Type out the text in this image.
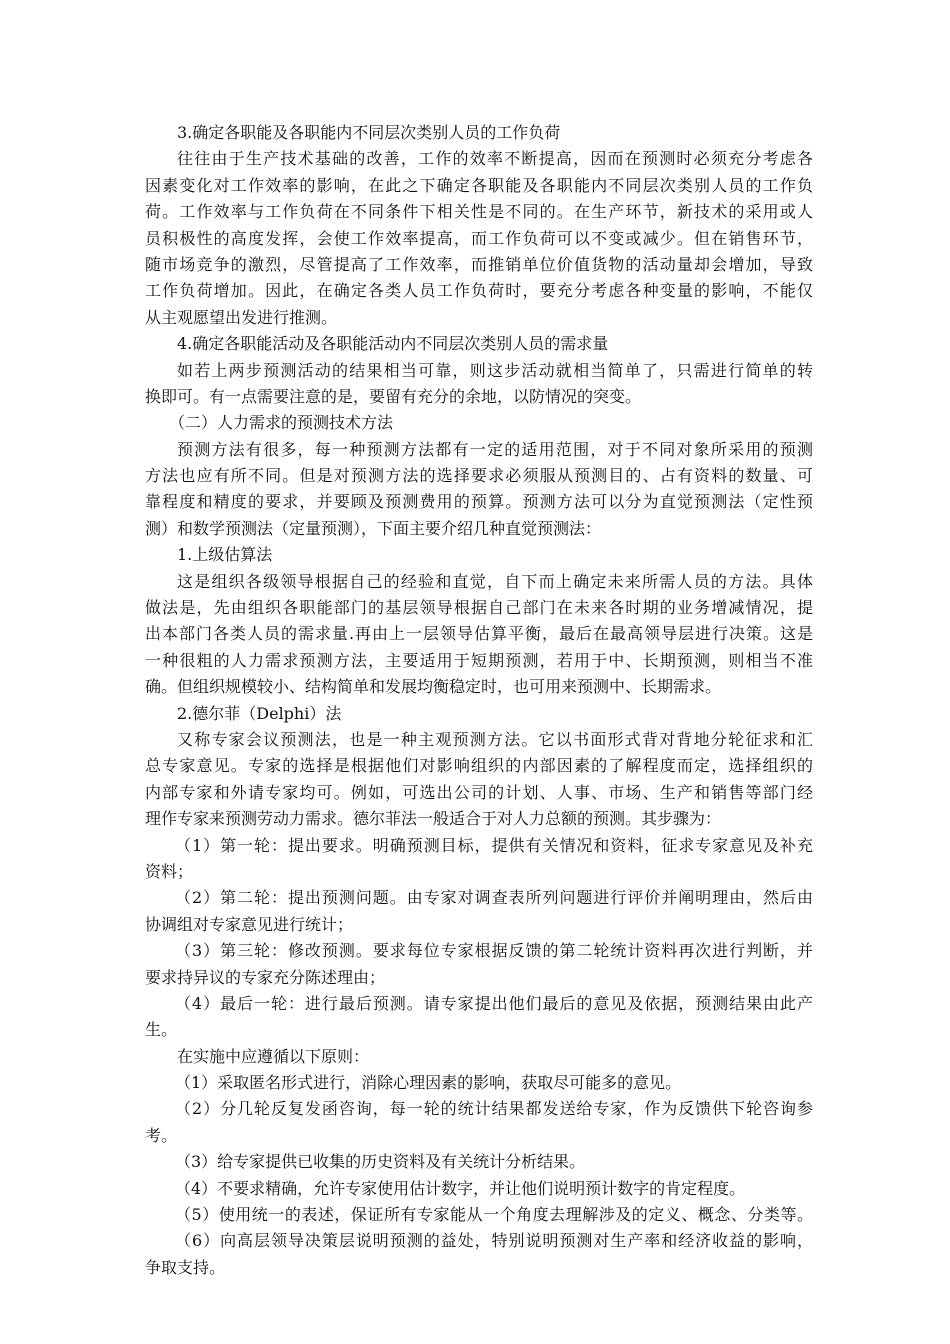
3.确定各职能及各职能内不同层次类别人员的工作负荷

往往由于生产技术基础的改善，工作的效率不断提高，因而在预测时必须充分考虑各

因素变化对工作效率的影响，在此之下确定各职能及各职能内不同层次类别人员的工作负

荷。工作效率与工作负荷在不同条件下相关性是不同的。在生产环节，新技术的采用或人

员积极性的高度发挥，会使工作效率提高，而工作负荷可以不变或减少。但在销售环节，

随市场竞争的激烈，尽管提高了工作效率，而推销单位价值货物的活动量却会增加，导致

工作负荷增加。因此，在确定各类人员工作负荷时，要充分考虑各种变量的影响，不能仅

从主观愿望出发进行推测。

4.确定各职能活动及各职能活动内不同层次类别人员的需求量

如若上两步预测活动的结果相当可靠，则这步活动就相当简单了，只需进行简单的转

换即可。有一点需要注意的是，要留有充分的余地，以防情况的突变。

（二）人力需求的预测技术方法

预测方法有很多，每一种预测方法都有一定的适用范围，对于不同对象所采用的预测

方法也应有所不同。但是对预测方法的选择要求必须服从预测目的、占有资料的数量、可

靠程度和精度的要求，并要顾及预测费用的预算。预测方法可以分为直觉预测法（定性预

测）和数学预测法（定量预测），下面主要介绍几种直觉预测法：

1.上级估算法

这是组织各级领导根据自己的经验和直觉，自下而上确定未来所需人员的方法。具体

做法是，先由组织各职能部门的基层领导根据自己部门在未来各时期的业务增减情况，提

出本部门各类人员的需求量.再由上一层领导估算平衡，最后在最高领导层进行决策。这是

一种很粗的人力需求预测方法，主要适用于短期预测，若用于中、长期预测，则相当不准

确。但组织规模较小、结构简单和发展均衡稳定时，也可用来预测中、长期需求。

2.德尔菲（Delphi）法

又称专家会议预测法，也是一种主观预测方法。它以书面形式背对背地分轮征求和汇

总专家意见。专家的选择是根据他们对影响组织的内部因素的了解程度而定，选择组织的

内部专家和外请专家均可。例如，可选出公司的计划、人事、市场、生产和销售等部门经

理作专家来预测劳动力需求。德尔菲法一般适合于对人力总额的预测。其步骤为：

（1）第一轮：提出要求。明确预测目标，提供有关情况和资料，征求专家意见及补充

资料；

（2）第二轮：提出预测问题。由专家对调查表所列问题进行评价并阐明理由，然后由

协调组对专家意见进行统计；

（3）第三轮：修改预测。要求每位专家根据反馈的第二轮统计资料再次进行判断，并

要求持异议的专家充分陈述理由；

（4）最后一轮：进行最后预测。请专家提出他们最后的意见及依据，预测结果由此产

生。

在实施中应遵循以下原则：

（1）采取匿名形式进行，消除心理因素的影响，获取尽可能多的意见。

（2）分几轮反复发函咨询，每一轮的统计结果都发送给专家，作为反馈供下轮咨询参

考。

（3）给专家提供已收集的历史资料及有关统计分析结果。

（4）不要求精确，允许专家使用估计数字，并让他们说明预计数字的肯定程度。

（5）使用统一的表述，保证所有专家能从一个角度去理解涉及的定义、概念、分类等。

（6）向高层领导决策层说明预测的益处，特别说明预测对生产率和经济收益的影响，

争取支持。
